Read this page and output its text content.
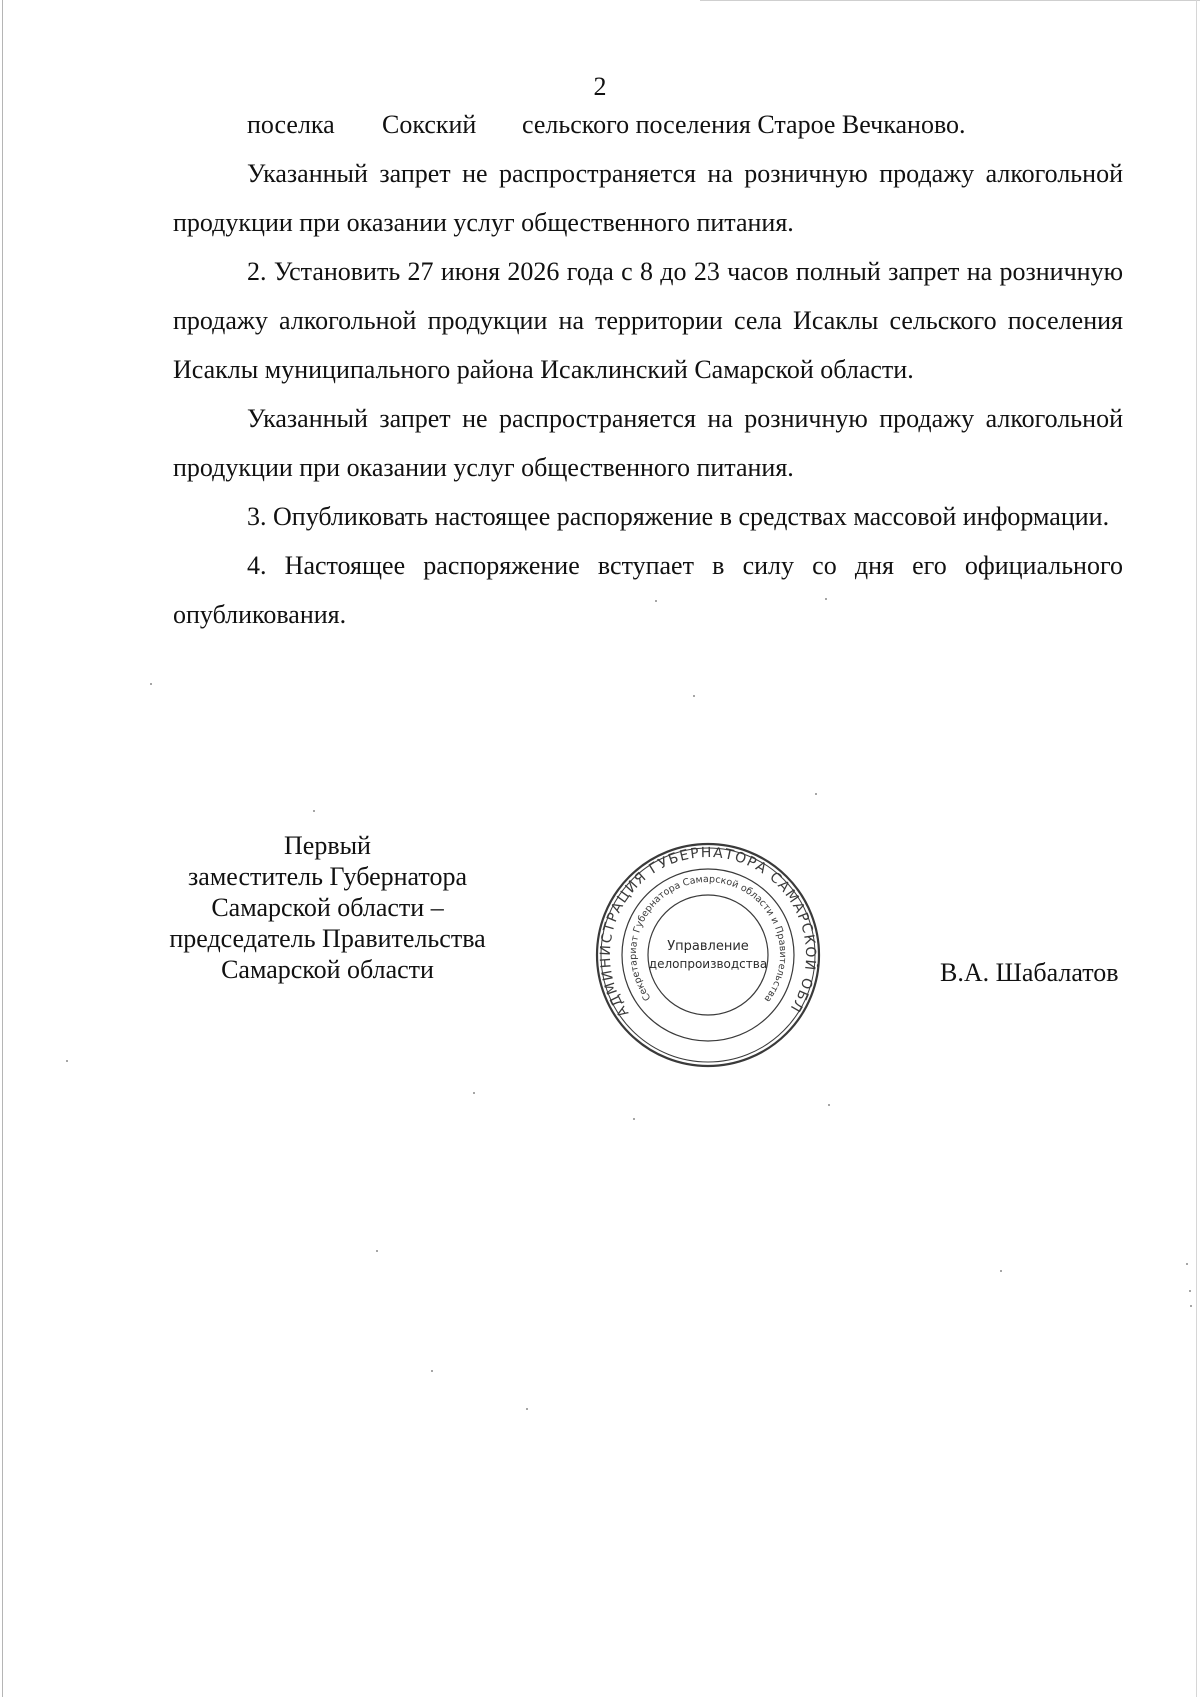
2
поселка Сокский сельского поселения Старое Вечканово.

Указанный запрет не распространяется на розничную продажу алкогольной продукции при оказании услуг общественного питания.

2. Установить 27 июня 2026 года с 8 до 23 часов полный запрет на розничную продажу алкогольной продукции на территории села Исаклы сельского поселения Исаклы муниципального района Исаклинский Самарской области.

Указанный запрет не распространяется на розничную продажу алкогольной продукции при оказании услуг общественного питания.

3. Опубликовать настоящее распоряжение в средствах массовой информации.

4. Настоящее распоряжение вступает в силу со дня его официального опубликования.

Первый
заместитель Губернатора
Самарской области –
председатель Правительства
Самарской области
АДМИНИСТРАЦИЯ ГУБЕРНАТОРА САМАРСКОЙ ОБЛ
Секретариат Губернатора Самарской области и Правительства
Управление
делопроизводства	В.А. Шабалатов
